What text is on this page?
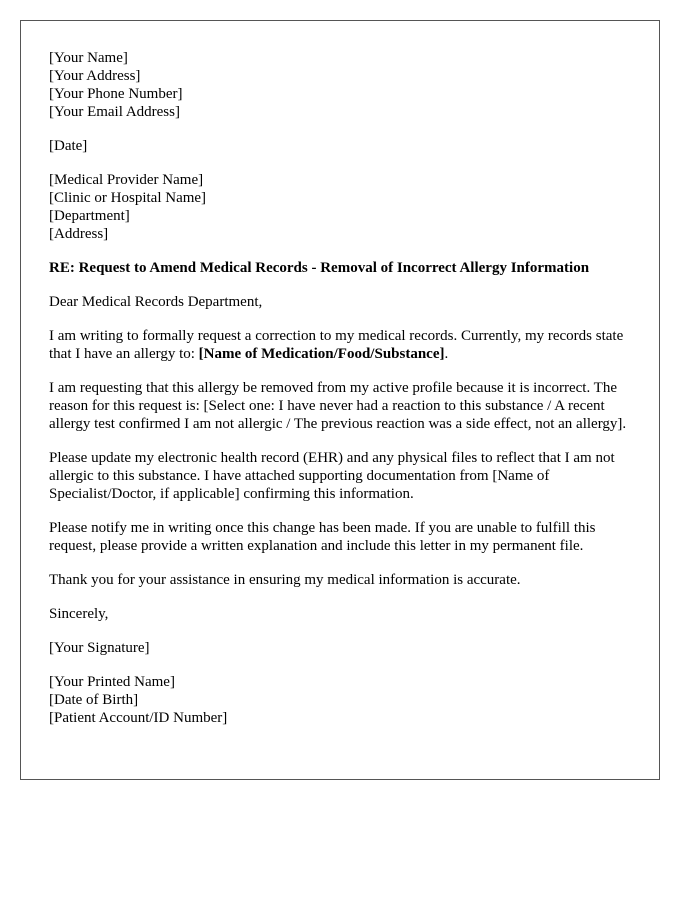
[Your Name]
[Your Address]
[Your Phone Number]
[Your Email Address]
[Date]
[Medical Provider Name]
[Clinic or Hospital Name]
[Department]
[Address]
RE: Request to Amend Medical Records - Removal of Incorrect Allergy Information
Dear Medical Records Department,

I am writing to formally request a correction to my medical records. Currently, my records state that I have an allergy to: [Name of Medication/Food/Substance].

I am requesting that this allergy be removed from my active profile because it is incorrect. The reason for this request is: [Select one: I have never had a reaction to this substance / A recent allergy test confirmed I am not allergic / The previous reaction was a side effect, not an allergy].

Please update my electronic health record (EHR) and any physical files to reflect that I am not allergic to this substance. I have attached supporting documentation from [Name of Specialist/Doctor, if applicable] confirming this information.

Please notify me in writing once this change has been made. If you are unable to fulfill this request, please provide a written explanation and include this letter in my permanent file.

Thank you for your assistance in ensuring my medical information is accurate.

Sincerely,
[Your Signature]
[Your Printed Name]
[Date of Birth]
[Patient Account/ID Number]
